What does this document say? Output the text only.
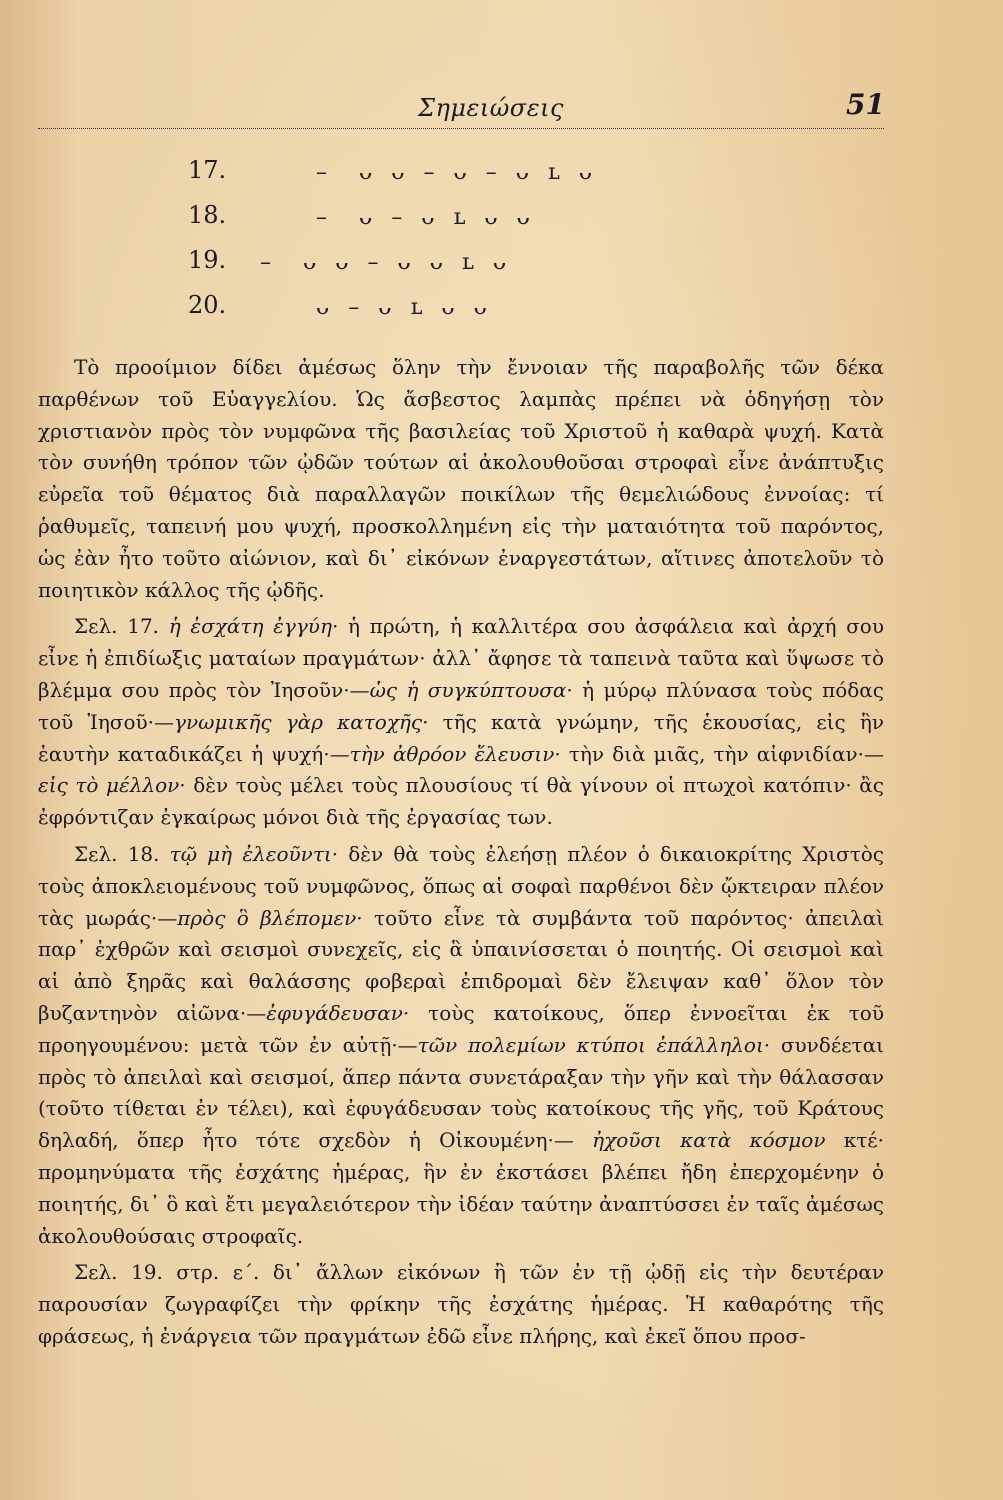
Σημειώσεις	51
17.	–  ᴗ ᴗ – ᴗ – ᴗ ʟ ᴗ
18.	–  ᴗ – ᴗ ʟ ᴗ ᴗ
19. –  ᴗ ᴗ – ᴗ ᴗ ʟ ᴗ
20.	ᴗ – ᴗ ʟ ᴗ ᴗ

Τὸ προοίμιον δίδει ἀμέσως ὅλην τὴν ἔννοιαν τῆς παραβολῆς τῶν δέκα παρθένων τοῦ Εὐαγγελίου. Ὡς ἄσβεστος λαμπὰς πρέπει νὰ ὁδηγήσῃ τὸν χριστιανὸν πρὸς τὸν νυμφῶνα τῆς βασιλείας τοῦ Χριστοῦ ἡ καθαρὰ ψυχή. Κατὰ τὸν συνήθη τρόπον τῶν ᾠδῶν τούτων αἱ ἀκολουθοῦσαι στροφαὶ εἶνε ἀνάπτυξις εὐρεῖα τοῦ θέματος διὰ παραλλαγῶν ποικίλων τῆς θεμελιώδους ἐννοίας: τί ῥαθυμεῖς, ταπεινή μου ψυχή, προσκολλημένη εἰς τὴν ματαιότητα τοῦ παρόντος, ὡς ἐὰν ἦτο τοῦτο αἰώνιον, καὶ δι᾽ εἰκόνων ἐναργεστάτων, αἵτινες ἀποτελοῦν τὸ ποιητικὸν κάλλος τῆς ᾠδῆς.

Σελ. 17. ἡ ἐσχάτη ἐγγύη· ἡ πρώτη, ἡ καλλιτέρα σου ἀσφάλεια καὶ ἀρχή σου εἶνε ἡ ἐπιδίωξις ματαίων πραγμάτων· ἀλλ᾽ ἄφησε τὰ ταπεινὰ ταῦτα καὶ ὕψωσε τὸ βλέμμα σου πρὸς τὸν Ἰησοῦν·—ὡς ἡ συγκύπτουσα· ἡ μύρῳ πλύνασα τοὺς πόδας τοῦ Ἰησοῦ·—γνωμικῆς γὰρ κατοχῆς· τῆς κατὰ γνώμην, τῆς ἑκουσίας, εἰς ἣν ἑαυτὴν καταδικάζει ἡ ψυχή·—τὴν ἀθρόον ἔλευσιν· τὴν διὰ μιᾶς, τὴν αἰφνιδίαν·—εἰς τὸ μέλλον· δὲν τοὺς μέλει τοὺς πλουσίους τί θὰ γίνουν οἱ πτωχοὶ κατόπιν· ἂς ἐφρόντιζαν ἐγκαίρως μόνοι διὰ τῆς ἐργασίας των.

Σελ. 18. τῷ μὴ ἐλεοῦντι· δὲν θὰ τοὺς ἐλεήσῃ πλέον ὁ δικαιοκρίτης Χριστὸς τοὺς ἀποκλειομένους τοῦ νυμφῶνος, ὅπως αἱ σοφαὶ παρθένοι δὲν ᾤκτειραν πλέον τὰς μωράς·—πρὸς ὃ βλέπομεν· τοῦτο εἶνε τὰ συμβάντα τοῦ παρόντος· ἀπειλαὶ παρ᾽ ἐχθρῶν καὶ σεισμοὶ συνεχεῖς, εἰς ἃ ὑπαινίσσεται ὁ ποιητής. Οἱ σεισμοὶ καὶ αἱ ἀπὸ ξηρᾶς καὶ θαλάσσης φοβεραὶ ἐπιδρομαὶ δὲν ἔλειψαν καθ᾽ ὅλον τὸν βυζαντηνὸν αἰῶνα·—ἐφυγάδευσαν· τοὺς κατοίκους, ὅπερ ἐννοεῖται ἐκ τοῦ προηγουμένου: μετὰ τῶν ἐν αὐτῇ·—τῶν πολεμίων κτύποι ἐπάλληλοι· συνδέεται πρὸς τὸ ἀπειλαὶ καὶ σεισμοί, ἅπερ πάντα συνετάραξαν τὴν γῆν καὶ τὴν θάλασσαν (τοῦτο τίθεται ἐν τέλει), καὶ ἐφυγάδευσαν τοὺς κατοίκους τῆς γῆς, τοῦ Κράτους δηλαδή, ὅπερ ἦτο τότε σχεδὸν ἡ Οἰκουμένη·— ἠχοῦσι κατὰ κόσμον κτέ· προμηνύματα τῆς ἐσχάτης ἡμέρας, ἣν ἐν ἐκστάσει βλέπει ἤδη ἐπερχομένην ὁ ποιητής, δι᾽ ὃ καὶ ἔτι μεγαλειότερον τὴν ἰδέαν ταύτην ἀναπτύσσει ἐν ταῖς ἀμέσως ἀκολουθούσαις στροφαῖς.

Σελ. 19. στρ. ε΄. δι᾽ ἄλλων εἰκόνων ἢ τῶν ἐν τῇ ᾠδῇ εἰς τὴν δευτέραν παρουσίαν ζωγραφίζει τὴν φρίκην τῆς ἐσχάτης ἡμέρας. Ἡ καθαρότης τῆς φράσεως, ἡ ἐνάργεια τῶν πραγμάτων ἐδῶ εἶνε πλήρης, καὶ ἐκεῖ ὅπου προσ-
